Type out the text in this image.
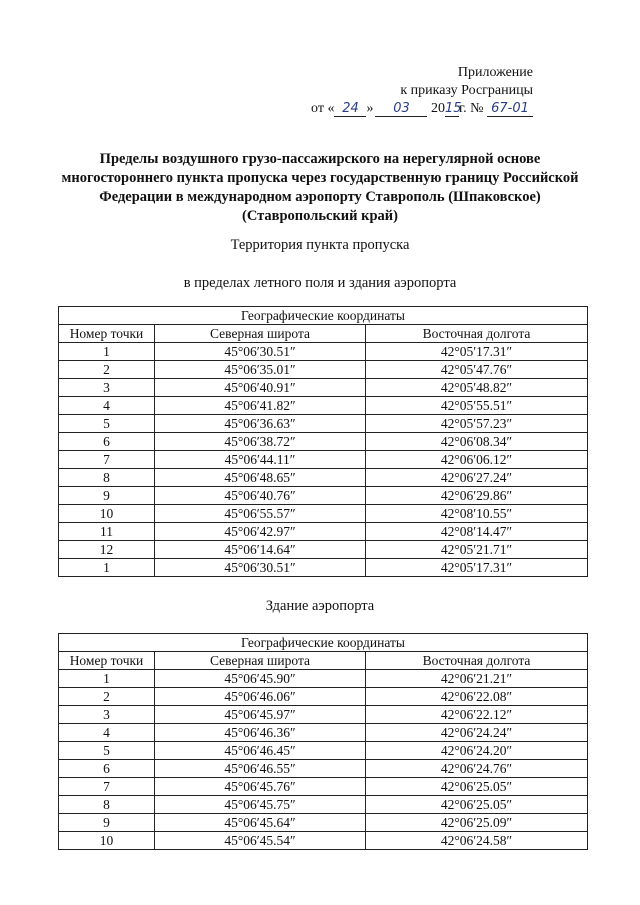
Приложение
к приказу Росграницы
от « 24 » 03 2015г. № 67-01
Пределы воздушного грузо-пассажирского на нерегулярной основе многостороннего пункта пропуска через государственную границу Российской Федерации в международном аэропорту Ставрополь (Шпаковское) (Ставропольский край)
Территория пункта пропуска
в пределах летного поля и здания аэропорта
Географические координаты		
Номер точки	Северная широта	Восточная долгота
1	45°06′30.51″	42°05′17.31″
2	45°06′35.01″	42°05′47.76″
3	45°06′40.91″	42°05′48.82″
4	45°06′41.82″	42°05′55.51″
5	45°06′36.63″	42°05′57.23″
6	45°06′38.72″	42°06′08.34″
7	45°06′44.11″	42°06′06.12″
8	45°06′48.65″	42°06′27.24″
9	45°06′40.76″	42°06′29.86″
10	45°06′55.57″	42°08′10.55″
11	45°06′42.97″	42°08′14.47″
12	45°06′14.64″	42°05′21.71″
1	45°06′30.51″	42°05′17.31″
Здание аэропорта
Географические координаты		
Номер точки	Северная широта	Восточная долгота
1	45°06′45.90″	42°06′21.21″
2	45°06′46.06″	42°06′22.08″
3	45°06′45.97″	42°06′22.12″
4	45°06′46.36″	42°06′24.24″
5	45°06′46.45″	42°06′24.20″
6	45°06′46.55″	42°06′24.76″
7	45°06′45.76″	42°06′25.05″
8	45°06′45.75″	42°06′25.05″
9	45°06′45.64″	42°06′25.09″
10	45°06′45.54″	42°06′24.58″
